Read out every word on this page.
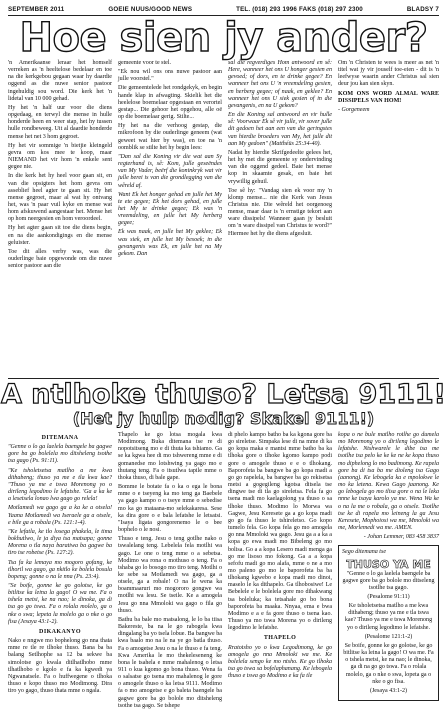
SEPTEMBER 2011	GOEIE NUUS/GOOD NEWS	TEL. (018) 293 1996 FAKS (018) 297 2300	BLADSY 7
Hoe sien jy ander?

'n Amerikaanse leraar het homself verreken as 'n heeltelose bedelaar en toe na die kerkgebou gegaan waar hy daardie oggend as die nuwe senior pastoor ingehuldig sou word. Die kerk het 'n lidetal van 10 000 gehad.

Hy het 'n half uur voor die diens opgedaag, en terwyl die mense in hulle honderde heen en weer stap, het hy tussen hulle rondbeweeg. Uit al daardie honderde mense het net 3 hom gegroet.

Hy het vir sommige 'n bietjie kleingeld gevra om kos mee te koop, maar NIEMAND het vir hom 'n enkele sent gegee nie.

In die kerk het hy heel voor gaan sit, en van die opsigters het hom gevra om asseblief heel agter te gaan sit. Hy het mense gegroet, maar al wat hy ontvang het, was 'n paar vuil kyke en mense wat hom afskuwend aangestaar het. Mense het op hom neergesien en hom veroordeel.

Hy het agter gaan sit toe die diens begin, en na die aankondigings en die mense geluister.

Toe dit alles verby was, was die ouderlinge baie opgewonde om die nuwe senior pastoor aan die

gemeente voor te stel.

"Ek nou wil ons ons nuwe pastoor aan julle voorstel."

Die gemeentelede het rondgekyk, en begin hande klap in afwagting. Skielik het die heelelose boemelaar opgestaan en verortel gestap... Die gehoor het opgehou, alle oë op die boemelaar gerig. Stilte...

Hy het na die verhoog gestap, die mikrofoon by die ouderlinge geneem (wat geweet wat hier by was), en toe na 'n oomblik se stilte het hy begin lees:

"Dan sal die Koning vir die wat aan Sy regterhand is, sê: Kom, julle geseëndes van My Vader, beërf die koninkryk wat vir julle berei is van die grondlegging van die wêreld af.

Want Ek het honger gehad en julle het My te ete gegee; Ek het dors gehad, en julle het My te drinke gegee; Ek was 'n vreemdeling, en julle het My herberg gegee;

Ek was naak, en julle het My geklee; Ek was siek, en julle het My besoek; in die gevangenis was Ek, en julle het na My gekom. Dan

sal die regverdiges Hom antwoord en sê: Here, wanneer het ons U honger gesien en gevoed; of dors, en te drinke gegee? En wanneer het ons U 'n vreemdeling gesien, en herberg gegee; of naak, en geklee? En wanneer het ons U siek gesien of in die gevangenis, en na U gekom?

En die Koning sal antwoord en vir hulle sê: Voorwaar Ek sê vir julle, vir sover julle dit gedoen het aan een van die geringstes van hierdie broeders van My, het julle dit aan My gedoen" (Matthéüs 25:34-40).

Nadat hy hierdie Skrifgedeelte gelees het, het hy met die gemeente sy ondervinding van die oggend gedeel. Baie het mense kop in skaamte gesak, en baie het vrywillig gehuil.

Toe sê hy: "Vandag sien ek voor my 'n klomp mense... nie die Kerk van Jesus Christus nie. Die wêreld het oorgenoeg mense, maar daar is 'n ernstige tekort aan ware dissipels! Wanneer gaan jy besluit om 'n ware dissipel van Christus te word?" Hiermee het hy die diens afgesluit.

Om 'n Christen te wees is meer as net 'n titel wat jy vir jouself toe-eien - dit is 'n leefwyse waarin ander Christus sal sien deur jou kan sien skyn.

KOM ONS WORD ALMAL WARE DISSIPELS VAN HOM!

- Gorgeneem

A ntlhoke thuso? Letsa 9111!
(Het jy hulp nodig? Skakel 9111!)
DITEMANA

"Genne o lo ga laelela baengele ba gagwe gore ba go bolelela mo ditsheleng tsothe tsa gago (Ps. 91:11).

"Ke tsholetsetsa matlho a me kwa dithabeng; thuso ya me e tla kwa kae? "Thuso ya me e tswa Morenong yo o dirileng legodimo le lefatshe. 'Ga a ka ke a lesetsela lonao lwa gago go relela!

Motlamedi wa gago ga a ka ke a otsela! Yaana Motlamedi wa Iseraele ga a otsele, e bile ga a robala (Ps. 121:1-4).

"Ke lefatla, ke tlo losega phakela, le tima bokhutlwo, le ja diya tsa matsapa; gonne Morena o tla naya baratiwa ba gagwe ba tiro tse robetse (Ps. 127:2).

Tsa fa ka lemaya mo mogoro gofang, ke tlhoril wa gago, ga nkitlo ke bolela bosula bopeng; gonne o na le nna (Ps. 23:4).

"Se boife, gonne ke go golotse, ke go bitlitse ka leina la gago! O wa me. Fa o tshela metsi, ke na nao; le dinoka, ga di tsa go go tswa. Fa o rolala molelo, ga o nke o swa; lepeta la molelo ga o nke o go fisa (Jesaya 43:1-2).

DIKAKANYO

Nako e nngwe mo bophelong go nna thata mme re tle re tlhoke thuso. Bana ba ba balang Setlhophe sa 12 ba sekwe ba simolotse go kwala ditlhatlhobo mme tlhatlhobo e kgolo e fa ka kgwedi ya Ngwanatsele. Fa o huffwegene o tlhoka thuso e kopo thuso mo Modimong. Dira tiro yo gago, thuso thata mme o ngala.

Thapelo ke go lotsa mogala kwa Modimong. Buka ditemana tse re di nopotsitseng mo e di thuta ka tshiamo. Ga se ka kgwa hee di mo tshwereng mme e di gomanedse mo lotshwing ya gago mo e thutang teng. Fa o itsutlwa tapile mme o thoka thuso, di bale gape.

Bomme le botate fa o ka o ega le bona mme o e tseyeng ka mo teng ga Baebele ya gago kampo o o tseye mme o sebedise mo ka go mataana-mo selekakaresa. Sese ka dira gore o e bala lefatshe le letsatsi. "Isaya ligata gongorenemo le o bee bophelo o le nosi.

Thuso e teng. Jesu o teng gotlhe nako o tswalelang teng. Lebelela fela motlhi wa gago. Le one o teng mme o a sebetsa. Modimo wa rona o mothuso o teng. Fa o tshaba go lo bosogo mo tiro teng. Motlhi o ke sebe sa Motlamedi wa gago, ga a otsele, ga a robale! O na le wena ka boammaaruri mo mogororo gongwe wa motlhi wa lesu. Se tseile. Ke a amogela Jesu go nna Mmoloki wa gago o fila go thuso.

Bathu ba bale mo matsalong, le lo ba tiisa Bakereste, ba na le go rabogela kwa dingalang ba yo tsela lobue. Ba bangwe ba kwa baalo mo na le na ye go batla thuso. Fa o amogetse Jesu o na le thuso e fa teng. Kwa Amerika le mo thekeleseneng ke bona le tsahela e mme mahalenog o letsa 911 o kua kgomo go bona thuso. Wena fa o salsatse go tsena mo mahalenog le gore o amogele thuso o ka letsa 9111. Modimo fa o mo amogetse e go baleta baengele ba gagwe gore ba go bolole mo ditsheleng tsothe tsa gago. Se tshepe

di phelo kampo batho ba ka kgona gore ba go sireletse. Simpaka lese di na mme di ka go kopa maka e mantsi mme batho ba ka tlhoka gore o tlhoke kgomo kampo podi gore o amogele thuso e e o tlhokang. Baporofeta ba bangwe ba go kopa madi a go go rapelela, ba bangwe ba go rekisetsa metsi a gogegileng kgotsa ditsela tse dingwe tse di tla go sireletsa. Fela fa go tsena madi mo kaelagolong ya thuso o sa tlhoke thuso. Modimo lo Morwa wa Gagwe, Jesu Keresete ga a go kopa madi go go fa thuso le tshireletso. Go kopo tumelo fela. Go kopa fela go mo amogela go nna Mmoloki wa gago. Jesu ga a a ka a kopa go ewa madi mo Bibeleng go mo bolisa. Go a a kopa Lesero madi menga ga go me lisoso mo fokong. Ga a a kopa sefofu madi go mo alafa, mme o ne a mo mo paleno go mo le baporofeta ba ba tlhokang kgwebo e kopa madi mo dinoi, maselo le ka dithapelo. Ga tlhobosiwe! Le Bebelele e le bolelela gore mo dihakwang tsa boleluka; ka tetsahale go bo bona baporofeta ba maaka. Nnyaa, ema e bwa Modimo e a e fa gore thuso o tsena kao. Thuso ya mo tswa Morena yo o dirileng legodimo le lefatshe.

THAPELO

Rratotsho yo o kwa Legodimong, ke go amogela go nna Mmoloki wa me. Ke bolelela sengo ke mo ntsho. Ke go tlhoka tsa go tswa sa bofelaphanang. Ke lebogela thuso e tswa go Modimo e ka fa tle

kopa o ne bule matlho rotlhe go dumela mo Morenong yo o dirileng legodimo le lefatshe. Ntshwarele le dibe tsa me tsotlhe tsa pelo ke ke ke ne ke kopa thuso mo diphelong lo mo badimong. Ke rapela gore ba di tsa ba me dioleng tsa Gago (aanong). Ke lebogela ka e mpolokwe le mo ka letena. Kewa Gago jaanong. Ke go lebogela go mo tlisa gore o na le leka nnne ke tsaya karolo ya me. Wena Wa ke o na la me o robala, ga o otsele. Tsotlhe tse ke di rapela mo leineng la ga Jesu Keresete, Mophoiosi wa me, Mmoloki wa me, Morlemedi wa me. AMEN.

- Johan Lemmer, 083 458 3837

Sego ditemana tse
THUSO YA ME

"Genne o lo ga laelela baengele ba gagwe gore ba go bolole mo ditseleng tsotlhe tsa gago.

(Pesalome 91:11)

Ke tsholetsetsa matlho a me kwa dithabeng; thuso ya me e tla tswa kae? Thuso ya me e tswa Morenong yo o dirileng legodimo le lefatshe.

(Pesalome 121:1-2)

Se boife, gonne ke go golotse, ke go bitlitse ka leina la gago! O wa me. Fa o tshela metsi, ke na nao; le dinoka, ga di na go go tswa. Fa o rolala molelo, ga o nke o swa, lopeta ga o nke o go fisa.

(Jesaya 43:1-2)
